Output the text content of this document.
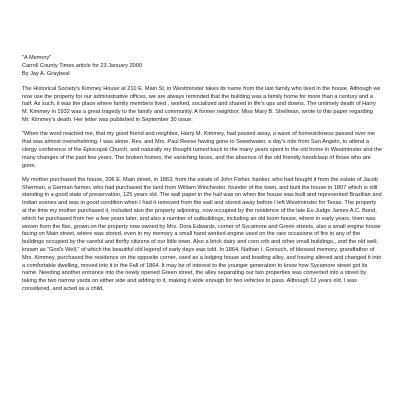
"A Memory"

Carroll County Times article for 23 January 2000

By Jay A. Graybeal

The Historical Society's Kimmey House at 210 E. Main St. in Westminster takes its name from the last family who lived in the house. Although we now use the property for our administrative offices, we are always reminded that the building was a family home for more than a century and a half. As such, it was the place where family members lived , worked, socialized and shared in life's ups and downs. The untimely death of Harry M. Kimmey in 1932 was a great tragedy to the family and community. A former neighbor, Miss Mary B. Shellman, wrote to this paper regarding Mr. Kimmey's death. Her letter was published in September 30 issue:

"When the word reached me, that my good friend and neighbor, Harry M. Kimmey, had passed away, a wave of homesickness passed over me that was almost overwhelming. I was alone, Rev. and Mrs. Paul Reese having gone to Sweetwater, a day's ride from San Angelo, to attend a clergy conference of the Episcopal Church, and naturally my thought turned back to the many years spent in the old home in Westminster and the many changes of the past few years. The broken homes, the vanishing faces, and the absence of the old friendly handclasp of those who are gone.

My mother purchased the house, 206 E. Main street, in 1863, from the estate of John Fisher, banker, who had bought it from the estate of Jacob Sherman, a German farmer, who had purchased the land from William Winchester, founder of the town, and built the house in 1807 which is still standing in a good state of preservation, 125 years old. The wall paper in the hall was on when the house was built and represented Brazilian and Indian scenes and was in good condition when I had it removed from the wall and stored away before I left Westminster for Texas. The property at the time my mother purchased it, included also the property adjoining, now occupied by the residence of the late Ex-Judge James A.C. Bond, which he purchased from her a few years later, and also a number of outbuildings, including an old loom house, where in early years, linen was woven from the flax, grown on the property now owned by Mrs. Dora Edwards, corner of Sycamore and Green streets, also a small engine house facing on Main street, where was stored, even in my memory a small hand worked engine used on the rare occasions of fire in any of the buildings occupied by the careful and thrifty citizens of our little town. Also a brick dairy and corn crib and other small buildings,, and the old well, known as "God's Well," of which the beautiful old legend of early days was told. In 1864, Nathan I. Gorsuch, of blessed memory, grandfather of Mrs. Kimmey, purchased the residence on the opposite corner, used as a lodging house and bowling alley, and having altered and changed it into a comfortable dwelling, moved into it in the Fall of 1864. It may be of interest to the younger generation to know how Sycamore street got its name. Needing another entrance into the newly opened Green street, the alley separating our two properties was converted into a street by taking the two narrow yards on either side and adding to it, making it wide enough for two vehicles to pass. Although 12 years old, I was considered, and acted as a child,
